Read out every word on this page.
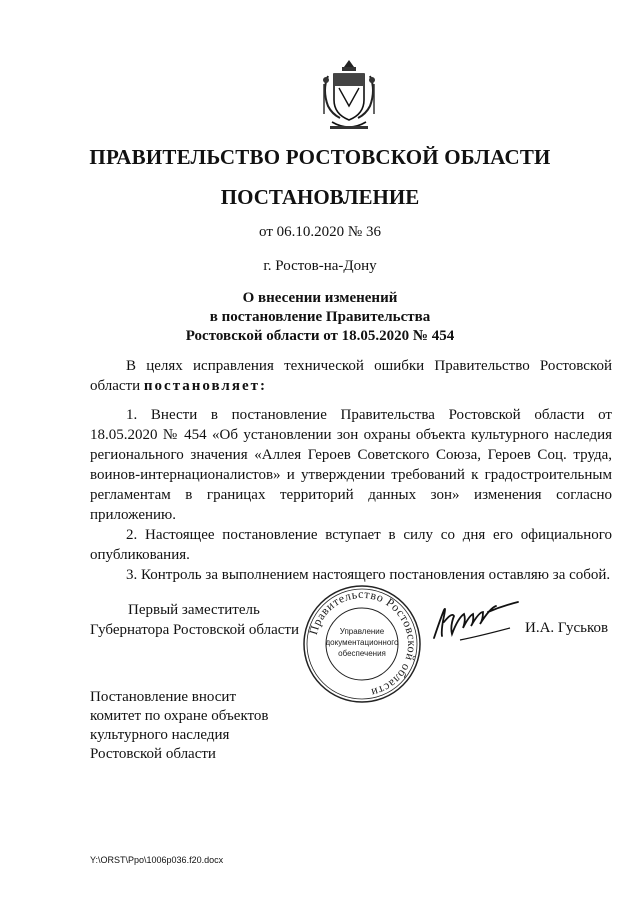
ПРАВИТЕЛЬСТВО РОСТОВСКОЙ ОБЛАСТИ
ПОСТАНОВЛЕНИЕ
от 06.10.2020 № 36
г. Ростов-на-Дону
О внесении изменений
в постановление Правительства
Ростовской области от 18.05.2020 № 454

В целях исправления технической ошибки Правительство Ростовской области постановляет:

1. Внести в постановление Правительства Ростовской области от 18.05.2020 № 454 «Об установлении зон охраны объекта культурного наследия регионального значения «Аллея Героев Советского Союза, Героев Соц. труда, воинов-интернационалистов» и утверждении требований к градостроительным регламентам в границах территорий данных зон» изменения согласно приложению.

2. Настоящее постановление вступает в силу со дня его официального опубликования.

3. Контроль за выполнением настоящего постановления оставляю за собой.

Первый заместитель
Губернатора Ростовской области Правительство Ростовской области
Управление
документационного
обеспечения
И.А. Гуськов
Постановление вносит
комитет по охране объектов
культурного наследия
Ростовской области
Y:\ORST\Ppo\1006p036.f20.docx
